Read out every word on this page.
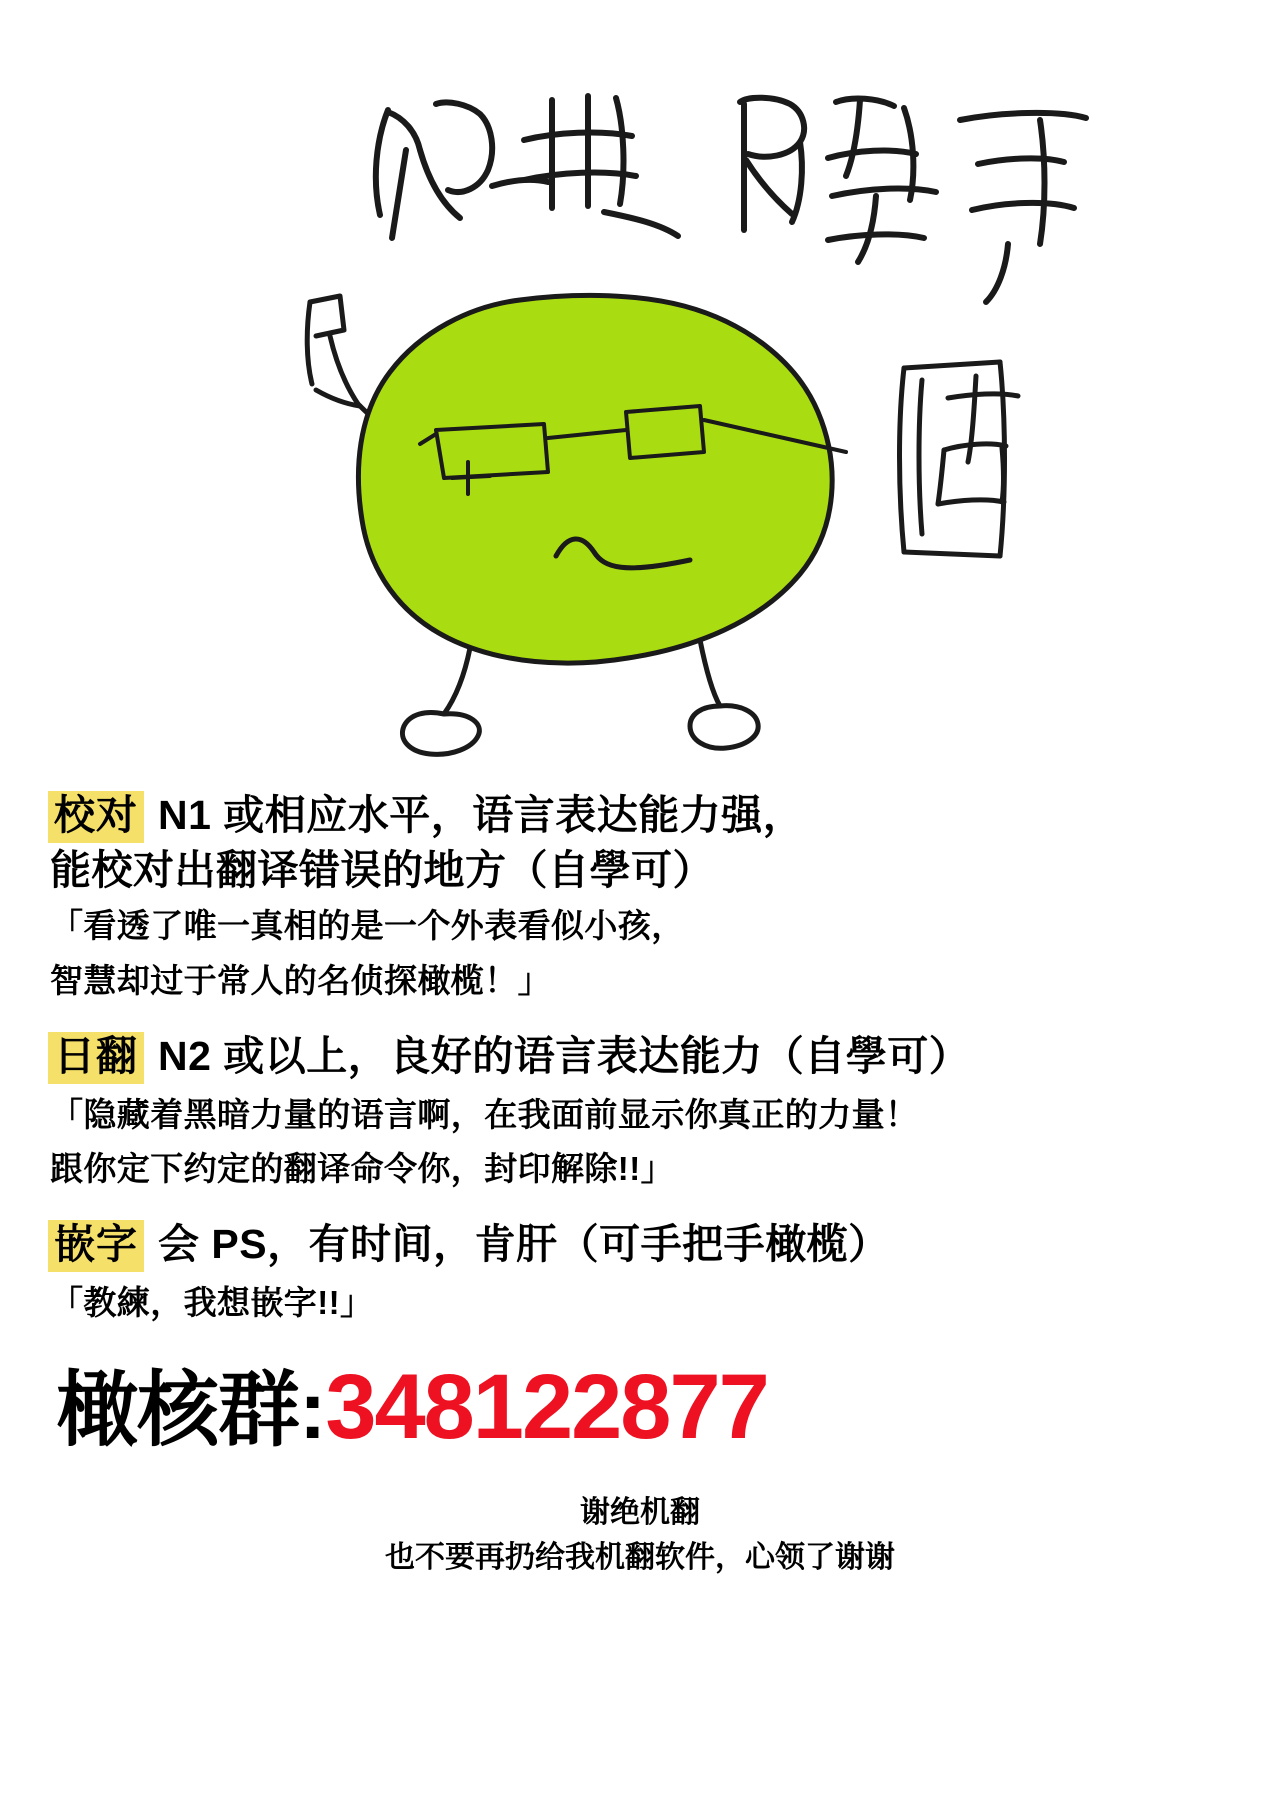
校对 N1 或相应水平，语言表达能力强，
能校对出翻译错误的地方（自學可）
「看透了唯一真相的是一个外表看似小孩，
智慧却过于常人的名侦探橄榄！」
日翻 N2 或以上，良好的语言表达能力（自學可）
「隐藏着黑暗力量的语言啊，在我面前显示你真正的力量！
跟你定下约定的翻译命令你，封印解除!!」
嵌字 会 PS，有时间，肯肝（可手把手橄榄）
「教練，我想嵌字!!」
橄核群: 348122877
谢绝机翻
也不要再扔给我机翻软件，心领了谢谢
